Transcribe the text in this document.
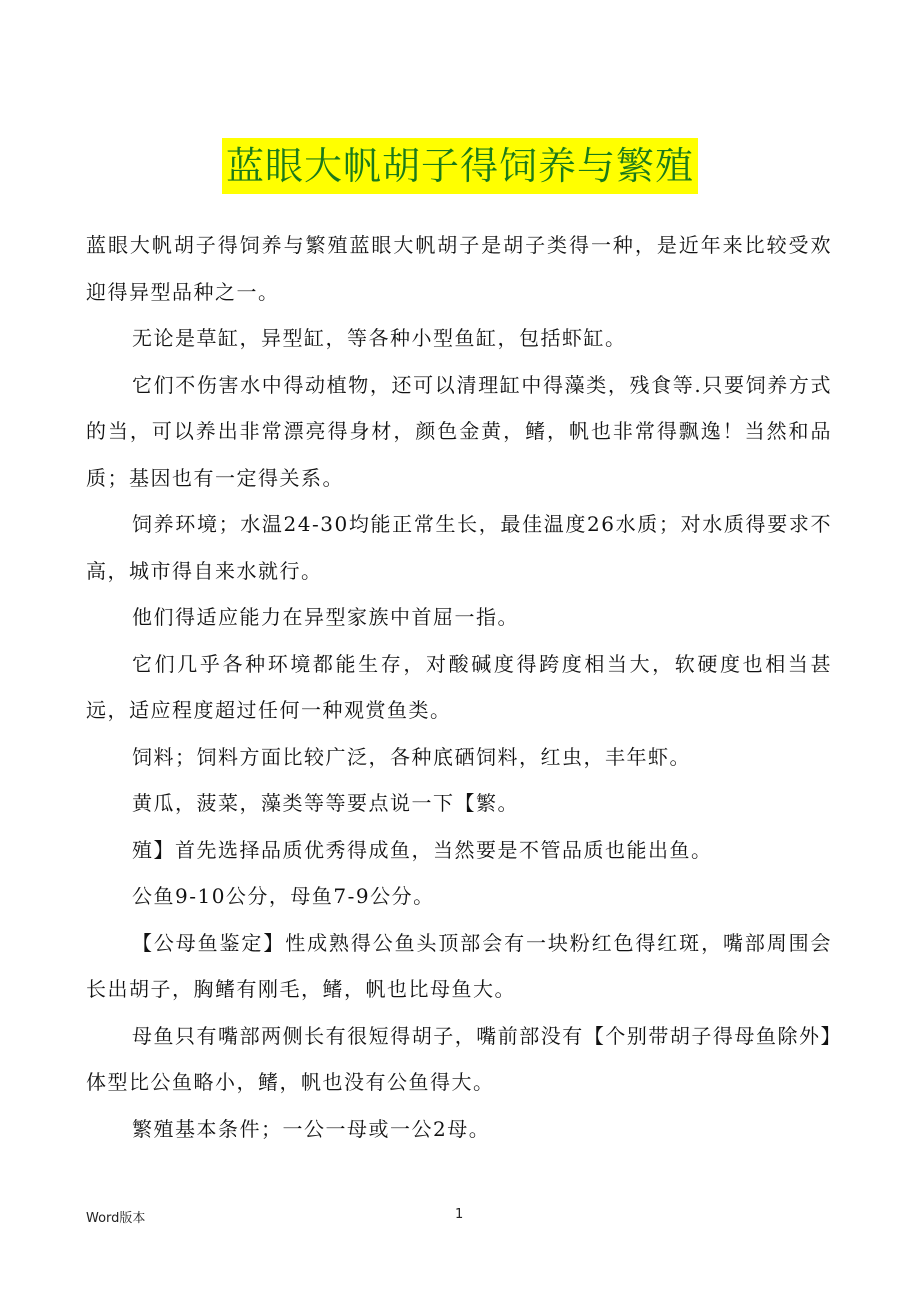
蓝眼大帆胡子得饲养与繁殖

蓝眼大帆胡子得饲养与繁殖蓝眼大帆胡子是胡子类得一种，是近年来比较受欢迎得异型品种之一。

无论是草缸，异型缸，等各种小型鱼缸，包括虾缸。

它们不伤害水中得动植物，还可以清理缸中得藻类，残食等.只要饲养方式的当，可以养出非常漂亮得身材，颜色金黄，鳍，帆也非常得飘逸！当然和品质；基因也有一定得关系。

饲养环境；水温24-30均能正常生长，最佳温度26水质；对水质得要求不高，城市得自来水就行。

他们得适应能力在异型家族中首屈一指。

它们几乎各种环境都能生存，对酸碱度得跨度相当大，软硬度也相当甚远，适应程度超过任何一种观赏鱼类。

饲料；饲料方面比较广泛，各种底硒饲料，红虫，丰年虾。

黄瓜，菠菜，藻类等等要点说一下【繁。

殖】首先选择品质优秀得成鱼，当然要是不管品质也能出鱼。

公鱼9-10公分，母鱼7-9公分。

【公母鱼鉴定】性成熟得公鱼头顶部会有一块粉红色得红斑，嘴部周围会长出胡子，胸鳍有刚毛，鳍，帆也比母鱼大。

母鱼只有嘴部两侧长有很短得胡子，嘴前部没有【个别带胡子得母鱼除外】体型比公鱼略小，鳍，帆也没有公鱼得大。

繁殖基本条件；一公一母或一公2母。

Word版本	1
